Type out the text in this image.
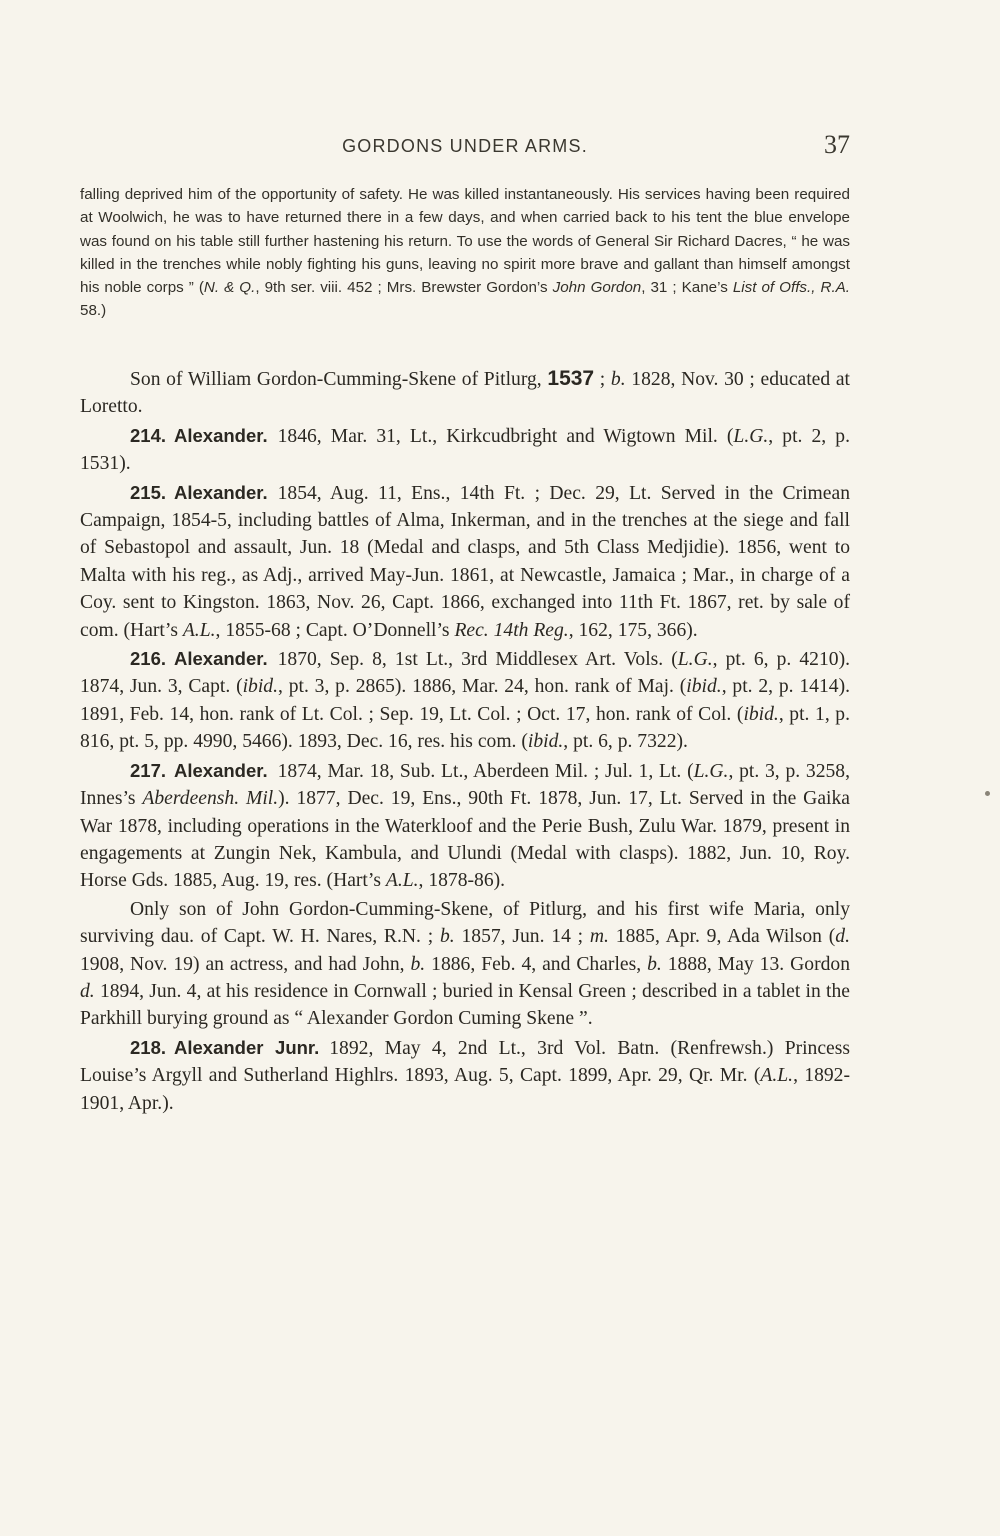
GORDONS UNDER ARMS.	37

falling deprived him of the opportunity of safety. He was killed instantaneously. His services having been required at Woolwich, he was to have returned there in a few days, and when carried back to his tent the blue envelope was found on his table still further hastening his return. To use the words of General Sir Richard Dacres, “ he was killed in the trenches while nobly fighting his guns, leaving no spirit more brave and gallant than himself amongst his noble corps ” (N. & Q., 9th ser. viii. 452 ; Mrs. Brewster Gordon’s John Gordon, 31 ; Kane’s List of Offs., R.A. 58.)

Son of William Gordon-Cumming-Skene of Pitlurg, 1537 ; b. 1828, Nov. 30 ; educated at Loretto.

214. Alexander. 1846, Mar. 31, Lt., Kirkcudbright and Wigtown Mil. (L.G., pt. 2, p. 1531).

215. Alexander. 1854, Aug. 11, Ens., 14th Ft. ; Dec. 29, Lt. Served in the Crimean Campaign, 1854-5, including battles of Alma, Inkerman, and in the trenches at the siege and fall of Sebastopol and assault, Jun. 18 (Medal and clasps, and 5th Class Medjidie). 1856, went to Malta with his reg., as Adj., arrived May-Jun. 1861, at Newcastle, Jamaica ; Mar., in charge of a Coy. sent to Kingston. 1863, Nov. 26, Capt. 1866, exchanged into 11th Ft. 1867, ret. by sale of com. (Hart’s A.L., 1855-68 ; Capt. O’Donnell’s Rec. 14th Reg., 162, 175, 366).

216. Alexander. 1870, Sep. 8, 1st Lt., 3rd Middlesex Art. Vols. (L.G., pt. 6, p. 4210). 1874, Jun. 3, Capt. (ibid., pt. 3, p. 2865). 1886, Mar. 24, hon. rank of Maj. (ibid., pt. 2, p. 1414). 1891, Feb. 14, hon. rank of Lt. Col. ; Sep. 19, Lt. Col. ; Oct. 17, hon. rank of Col. (ibid., pt. 1, p. 816, pt. 5, pp. 4990, 5466). 1893, Dec. 16, res. his com. (ibid., pt. 6, p. 7322).

217. Alexander. 1874, Mar. 18, Sub. Lt., Aberdeen Mil. ; Jul. 1, Lt. (L.G., pt. 3, p. 3258, Innes’s Aberdeensh. Mil.). 1877, Dec. 19, Ens., 90th Ft. 1878, Jun. 17, Lt. Served in the Gaika War 1878, including operations in the Waterkloof and the Perie Bush, Zulu War. 1879, present in engagements at Zungin Nek, Kambula, and Ulundi (Medal with clasps). 1882, Jun. 10, Roy. Horse Gds. 1885, Aug. 19, res. (Hart’s A.L., 1878-86).

Only son of John Gordon-Cumming-Skene, of Pitlurg, and his first wife Maria, only surviving dau. of Capt. W. H. Nares, R.N. ; b. 1857, Jun. 14 ; m. 1885, Apr. 9, Ada Wilson (d. 1908, Nov. 19) an actress, and had John, b. 1886, Feb. 4, and Charles, b. 1888, May 13. Gordon d. 1894, Jun. 4, at his residence in Cornwall ; buried in Kensal Green ; described in a tablet in the Parkhill burying ground as “ Alexander Gordon Cuming Skene ”.

218. Alexander Junr. 1892, May 4, 2nd Lt., 3rd Vol. Batn. (Renfrewsh.) Princess Louise’s Argyll and Sutherland Highlrs. 1893, Aug. 5, Capt. 1899, Apr. 29, Qr. Mr. (A.L., 1892-1901, Apr.).
